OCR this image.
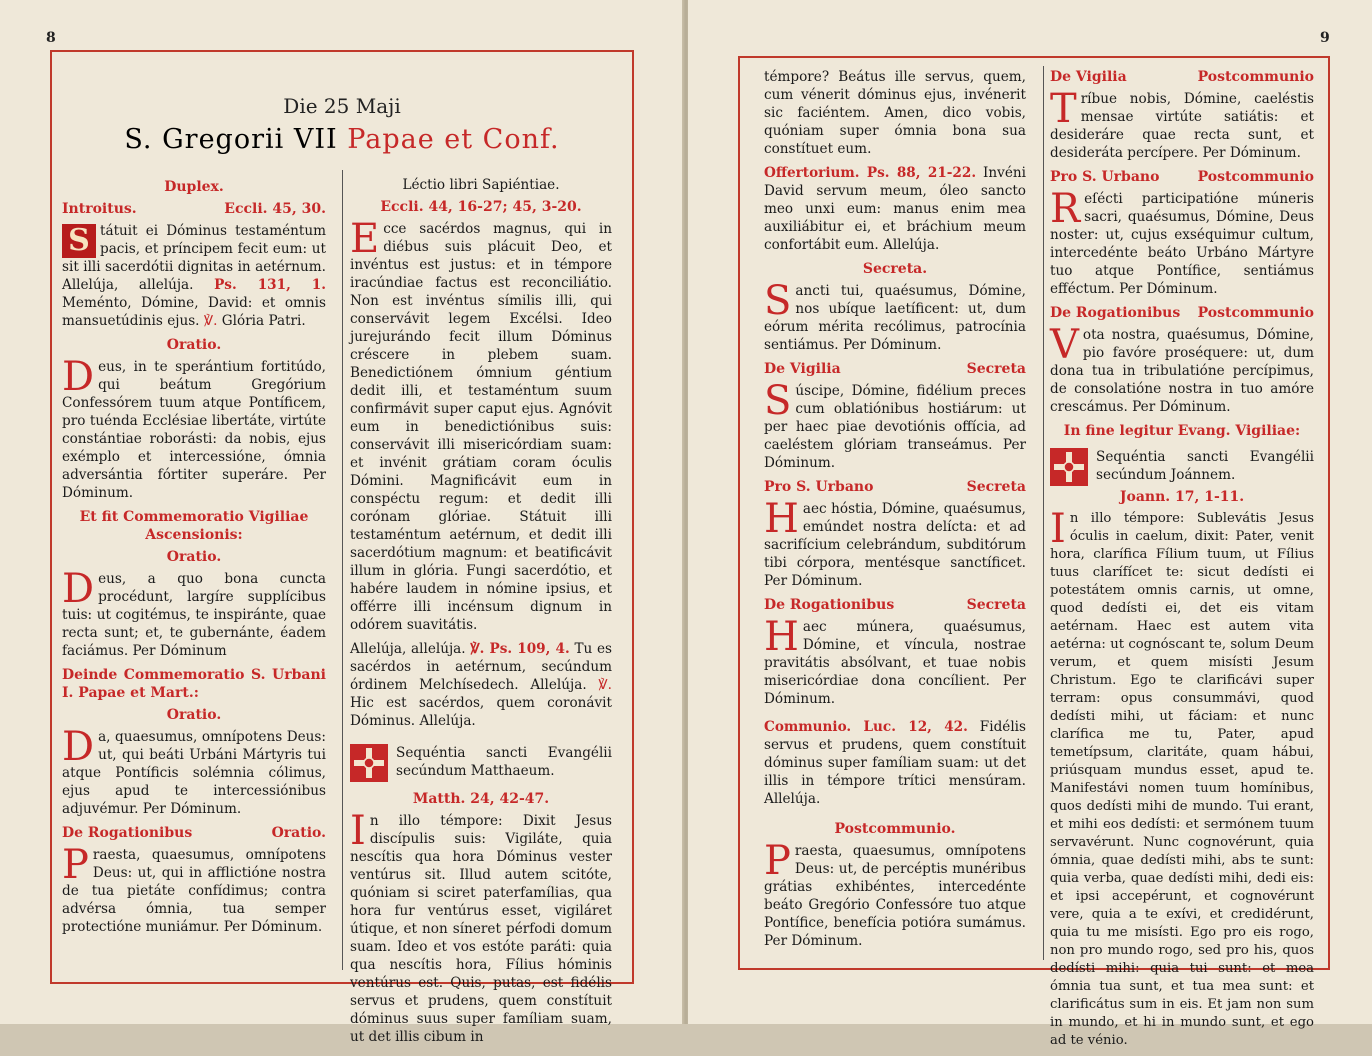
8
Die 25 Maji
S. Gregorii VII Papae et Conf.
Duplex.
Introitus.	Eccli. 45, 30.

S tátuit ei Dóminus testaméntum pacis, et príncipem fecit eum: ut sit illi sacerdótii dignitas in aetérnum. Allelúja, allelúja. Ps. 131, 1. Meménto, Dómine, David: et omnis mansuetúdinis ejus. ℣. Glória Patri.

Oratio.

D eus, in te sperántium fortitúdo, qui beátum Gregórium Confessórem tuum atque Pontíficem, pro tuénda Ecclésiae libertáte, virtúte constántiae roborásti: da nobis, ejus exémplo et intercessióne, ómnia adversántia fórtiter superáre. Per Dóminum.

Et fit Commemoratio Vigiliae Ascensionis:
Oratio.

D eus, a quo bona cuncta procédunt, largíre supplícibus tuis: ut cogitémus, te inspiránte, quae recta sunt; et, te gubernánte, éadem faciámus. Per Dóminum

Deinde Commemoratio S. Urbani I. Papae et Mart.:
Oratio.

D a, quaesumus, omnípotens Deus: ut, qui beáti Urbáni Mártyris tui atque Pontíficis solémnia cólimus, ejus apud te intercessiónibus adjuvémur. Per Dóminum.

De Rogationibus	Oratio.

P raesta, quaesumus, omnípotens Deus: ut, qui in afflictióne nostra de tua pietáte confídimus; contra advérsa ómnia, tua semper protectióne muniámur. Per Dóminum.

Léctio libri Sapiéntiae.
Eccli. 44, 16-27; 45, 3-20.

E cce sacérdos magnus, qui in diébus suis plácuit Deo, et invéntus est justus: et in témpore iracúndiae factus est reconciliátio. Non est invéntus símilis illi, qui conservávit legem Excélsi. Ideo jurejurándo fecit illum Dóminus créscere in plebem suam. Benedictiónem ómnium géntium dedit illi, et testaméntum suum confirmávit super caput ejus. Agnóvit eum in benedictiónibus suis: conservávit illi misericórdiam suam: et invénit grátiam coram óculis Dómini. Magnificávit eum in conspéctu regum: et dedit illi corónam glóriae. Státuit illi testaméntum aetérnum, et dedit illi sacerdótium magnum: et beatificávit illum in glória. Fungi sacerdótio, et habére laudem in nómine ipsius, et offérre illi incénsum dignum in odórem suavitátis.

Allelúja, allelúja. ℣. Ps. 109, 4. Tu es sacérdos in aetérnum, secúndum órdinem Melchísedech. Allelúja. ℣. Hic est sacérdos, quem coronávit Dóminus. Allelúja.

Sequéntia sancti Evangélii secúndum Matthaeum.
Matth. 24, 42-47.

I n illo témpore: Dixit Jesus discípulis suis: Vigiláte, quia nescítis qua hora Dóminus vester ventúrus sit. Illud autem scitóte, quóniam si sciret paterfamílias, qua hora fur ventúrus esset, vigiláret útique, et non síneret pérfodi domum suam. Ideo et vos estóte paráti: quia qua nescítis hora, Fílius hóminis ventúrus est. Quis, putas, est fidélis servus et prudens, quem constítuit dóminus suus super famíliam suam, ut det illis cibum in

9

témpore? Beátus ille servus, quem, cum vénerit dóminus ejus, invénerit sic faciéntem. Amen, dico vobis, quóniam super ómnia bona sua constítuet eum.

Offertorium. Ps. 88, 21-22. Invéni David servum meum, óleo sancto meo unxi eum: manus enim mea auxiliábitur ei, et bráchium meum confortábit eum. Allelúja.

Secreta.

S ancti tui, quaésumus, Dómine, nos ubíque laetíficent: ut, dum eórum mérita recólimus, patrocínia sentiámus. Per Dóminum.

De Vigilia	Secreta

S úscipe, Dómine, fidélium preces cum oblatiónibus hostiárum: ut per haec piae devotiónis offícia, ad caeléstem glóriam transeámus. Per Dóminum.

Pro S. Urbano	Secreta

H aec hóstia, Dómine, quaésumus, emúndet nostra delícta: et ad sacrifícium celebrándum, subditórum tibi córpora, mentésque sanctíficet. Per Dóminum.

De Rogationibus	Secreta

H aec múnera, quaésumus, Dómine, et víncula, nostrae pravitátis absólvant, et tuae nobis misericórdiae dona concílient. Per Dóminum.

Communio. Luc. 12, 42. Fidélis servus et prudens, quem constítuit dóminus super famíliam suam: ut det illis in témpore trítici mensúram. Allelúja.

Postcommunio.

P raesta, quaesumus, omnípotens Deus: ut, de percéptis munéribus grátias exhibéntes, intercedénte beáto Gregório Confessóre tuo atque Pontífice, benefícia potióra sumámus. Per Dóminum.

De Vigilia	Postcommunio

T ríbue nobis, Dómine, caeléstis mensae virtúte satiátis: et desideráre quae recta sunt, et desideráta percípere. Per Dóminum.

Pro S. Urbano	Postcommunio

R eſécti participatióne múneris sacri, quaésumus, Dómine, Deus noster: ut, cujus exséquimur cultum, intercedénte beáto Urbáno Mártyre tuo atque Pontífice, sentiámus efféctum. Per Dóminum.

De Rogationibus Postcommunio

V ota nostra, quaésumus, Dómine, pio favóre proséquere: ut, dum dona tua in tribulatióne percípimus, de consolatióne nostra in tuo amóre crescámus. Per Dóminum.

In fine legitur Evang. Vigiliae:
Sequéntia sancti Evangélii secúndum Joánnem.
Joann. 17, 1-11.

I n illo témpore: Sublevátis Jesus óculis in caelum, dixit: Pater, venit hora, clarífica Fílium tuum, ut Fílius tuus clarífícet te: sicut dedísti ei potestátem omnis carnis, ut omne, quod dedísti ei, det eis vitam aetérnam. Haec est autem vita aetérna: ut cognóscant te, solum Deum verum, et quem misísti Jesum Christum. Ego te clarificávi super terram: opus consummávi, quod dedísti mihi, ut fáciam: et nunc clarífica me tu, Pater, apud temetípsum, claritáte, quam hábui, priúsquam mundus esset, apud te. Manifestávi nomen tuum homínibus, quos dedísti mihi de mundo. Tui erant, et mihi eos dedísti: et sermónem tuum servavérunt. Nunc cognovérunt, quia ómnia, quae dedísti mihi, abs te sunt: quia verba, quae dedísti mihi, dedi eis: et ipsi accepérunt, et cognovérunt vere, quia a te exívi, et credidérunt, quia tu me misísti. Ego pro eis rogo, non pro mundo rogo, sed pro his, quos dedísti mihi: quia tui sunt: et mea ómnia tua sunt, et tua mea sunt: et clarificátus sum in eis. Et jam non sum in mundo, et hi in mundo sunt, et ego ad te vénio.
